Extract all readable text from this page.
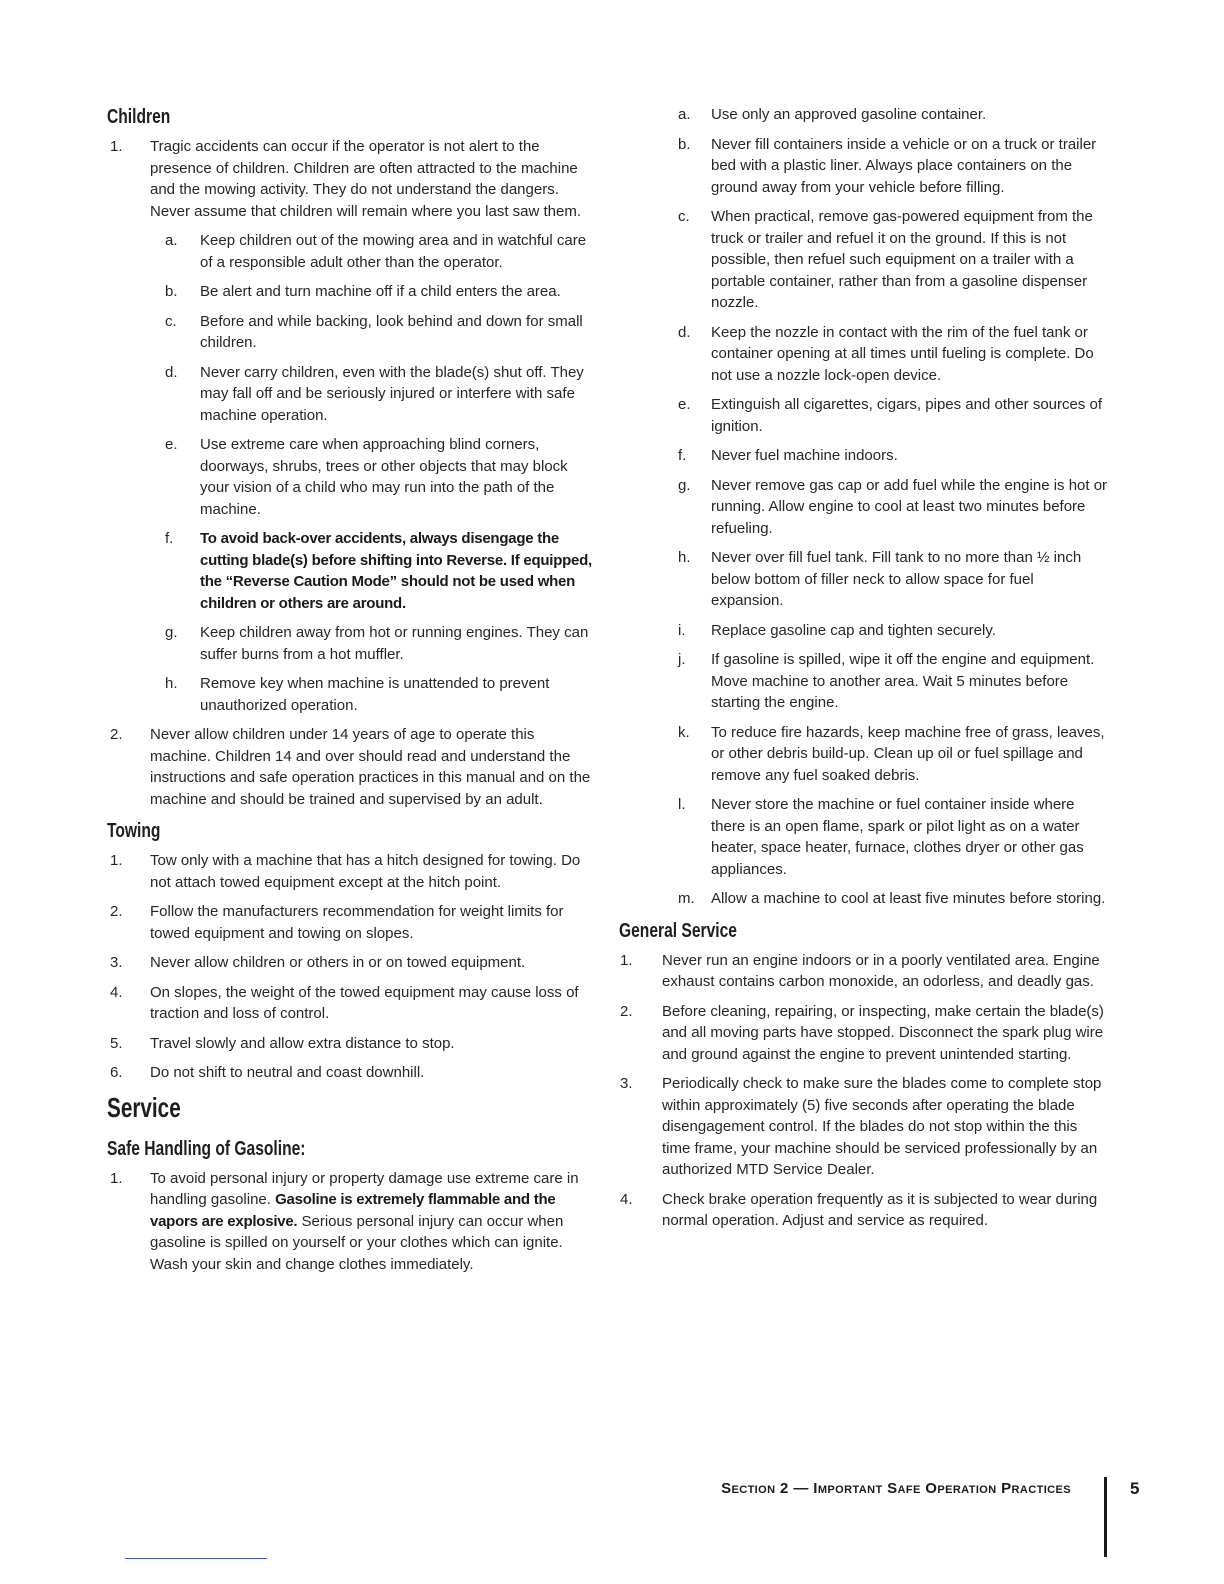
Children
1. Tragic accidents can occur if the operator is not alert to the presence of children. Children are often attracted to the machine and the mowing activity. They do not understand the dangers. Never assume that children will remain where you last saw them.
a. Keep children out of the mowing area and in watchful care of a responsible adult other than the operator.
b. Be alert and turn machine off if a child enters the area.
c. Before and while backing, look behind and down for small children.
d. Never carry children, even with the blade(s) shut off. They may fall off and be seriously injured or interfere with safe machine operation.
e. Use extreme care when approaching blind corners, doorways, shrubs, trees or other objects that may block your vision of a child who may run into the path of the machine.
f. To avoid back-over accidents, always disengage the cutting blade(s) before shifting into Reverse. If equipped, the “Reverse Caution Mode” should not be used when children or others are around.
g. Keep children away from hot or running engines. They can suffer burns from a hot muffler.
h. Remove key when machine is unattended to prevent unauthorized operation.
2. Never allow children under 14 years of age to operate this machine. Children 14 and over should read and understand the instructions and safe operation practices in this manual and on the machine and should be trained and supervised by an adult.
Towing
1. Tow only with a machine that has a hitch designed for towing. Do not attach towed equipment except at the hitch point.
2. Follow the manufacturers recommendation for weight limits for towed equipment and towing on slopes.
3. Never allow children or others in or on towed equipment.
4. On slopes, the weight of the towed equipment may cause loss of traction and loss of control.
5. Travel slowly and allow extra distance to stop.
6. Do not shift to neutral and coast downhill.
Service
Safe Handling of Gasoline:
1. To avoid personal injury or property damage use extreme care in handling gasoline. Gasoline is extremely flammable and the vapors are explosive. Serious personal injury can occur when gasoline is spilled on yourself or your clothes which can ignite. Wash your skin and change clothes immediately.
a. Use only an approved gasoline container.
b. Never fill containers inside a vehicle or on a truck or trailer bed with a plastic liner. Always place containers on the ground away from your vehicle before filling.
c. When practical, remove gas-powered equipment from the truck or trailer and refuel it on the ground. If this is not possible, then refuel such equipment on a trailer with a portable container, rather than from a gasoline dispenser nozzle.
d. Keep the nozzle in contact with the rim of the fuel tank or container opening at all times until fueling is complete. Do not use a nozzle lock-open device.
e. Extinguish all cigarettes, cigars, pipes and other sources of ignition.
f. Never fuel machine indoors.
g. Never remove gas cap or add fuel while the engine is hot or running. Allow engine to cool at least two minutes before refueling.
h. Never over fill fuel tank. Fill tank to no more than ½ inch below bottom of filler neck to allow space for fuel expansion.
i. Replace gasoline cap and tighten securely.
j. If gasoline is spilled, wipe it off the engine and equipment. Move machine to another area. Wait 5 minutes before starting the engine.
k. To reduce fire hazards, keep machine free of grass, leaves, or other debris build-up. Clean up oil or fuel spillage and remove any fuel soaked debris.
l. Never store the machine or fuel container inside where there is an open flame, spark or pilot light as on a water heater, space heater, furnace, clothes dryer or other gas appliances.
m. Allow a machine to cool at least five minutes before storing.
General Service
1. Never run an engine indoors or in a poorly ventilated area. Engine exhaust contains carbon monoxide, an odorless, and deadly gas.
2. Before cleaning, repairing, or inspecting, make certain the blade(s) and all moving parts have stopped. Disconnect the spark plug wire and ground against the engine to prevent unintended starting.
3. Periodically check to make sure the blades come to complete stop within approximately (5) five seconds after operating the blade disengagement control. If the blades do not stop within the this time frame, your machine should be serviced professionally by an authorized MTD Service Dealer.
4. Check brake operation frequently as it is subjected to wear during normal operation. Adjust and service as required.
Section 2 — Important Safe Operation Practices	5
